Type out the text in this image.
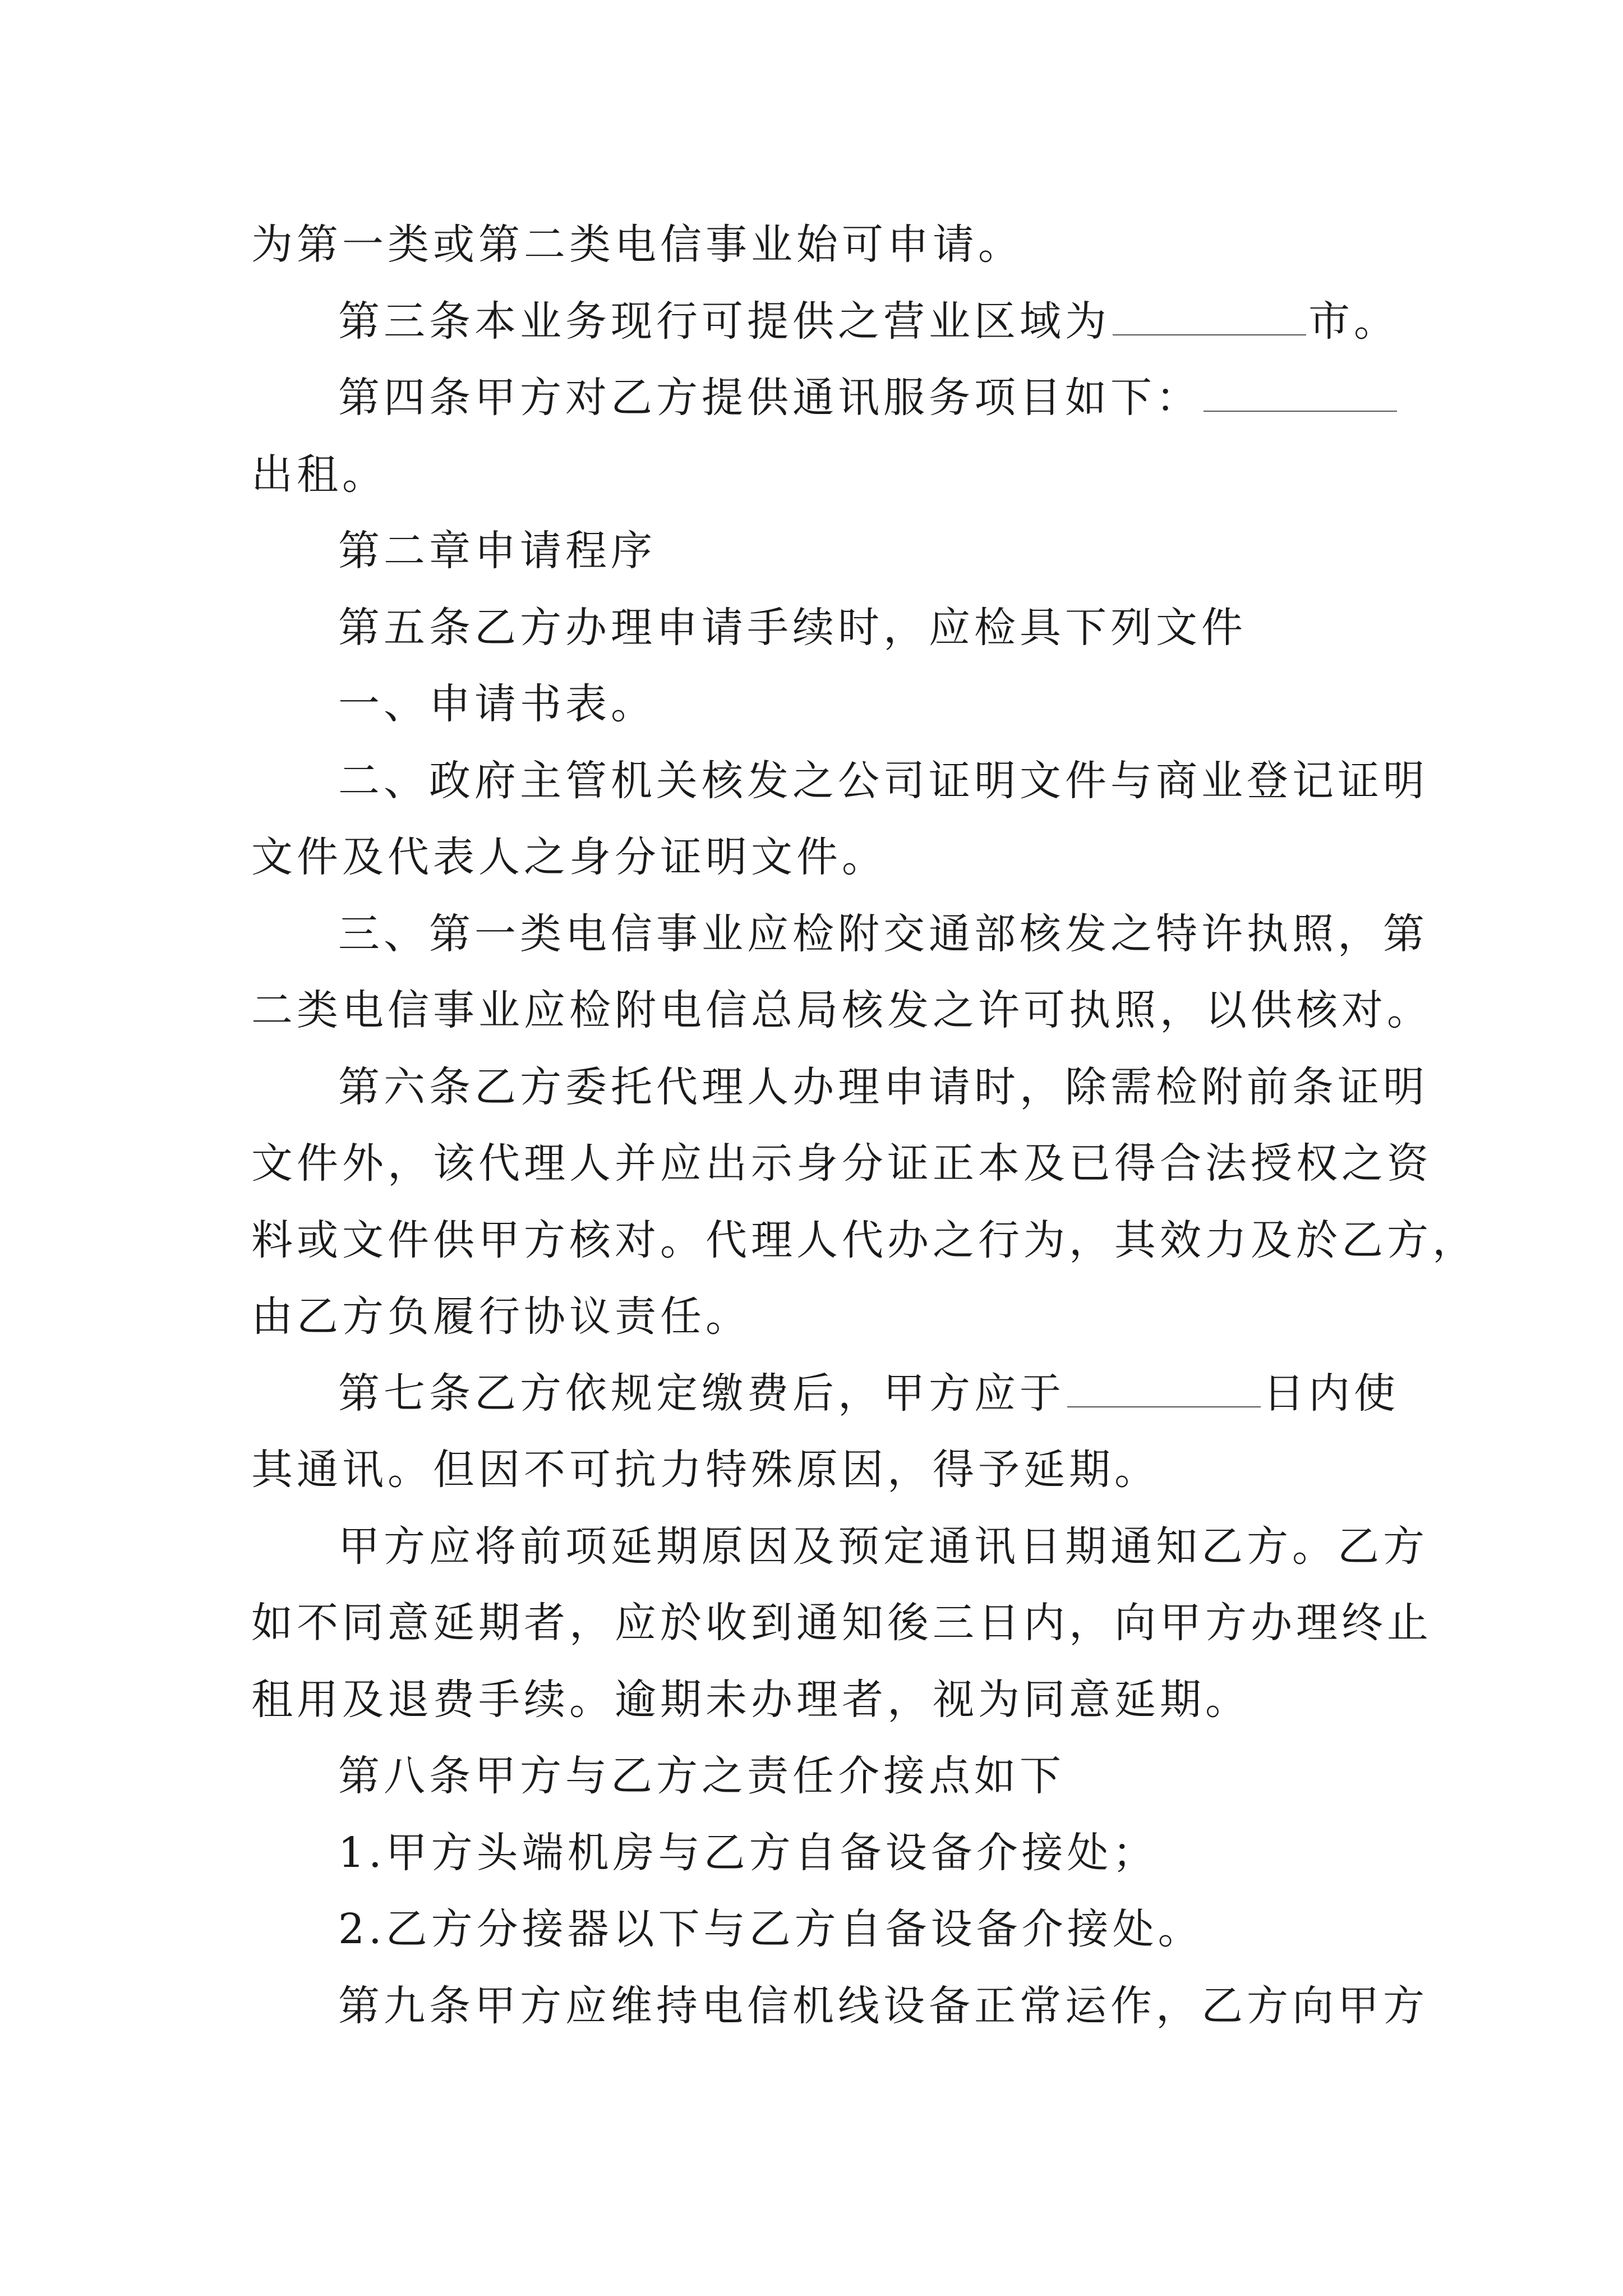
为第一类或第二类电信事业始可申请。
第三条本业务现行可提供之营业区域为	市。
第四条甲方对乙方提供通讯服务项目如下：
出租。
第二章申请程序
第五条乙方办理申请手续时，应检具下列文件
一、申请书表。
二、政府主管机关核发之公司证明文件与商业登记证明
文件及代表人之身分证明文件。
三、第一类电信事业应检附交通部核发之特许执照，第
二类电信事业应检附电信总局核发之许可执照，以供核对。
第六条乙方委托代理人办理申请时，除需检附前条证明
文件外，该代理人并应出示身分证正本及已得合法授权之资
料或文件供甲方核对。代理人代办之行为，其效力及於乙方，
由乙方负履行协议责任。
第七条乙方依规定缴费后，甲方应于	日内使
其通讯。但因不可抗力特殊原因，得予延期。
甲方应将前项延期原因及预定通讯日期通知乙方。乙方
如不同意延期者，应於收到通知後三日内，向甲方办理终止
租用及退费手续。逾期未办理者，视为同意延期。
第八条甲方与乙方之责任介接点如下
1.甲方头端机房与乙方自备设备介接处；
2.乙方分接器以下与乙方自备设备介接处。
第九条甲方应维持电信机线设备正常运作，乙方向甲方
